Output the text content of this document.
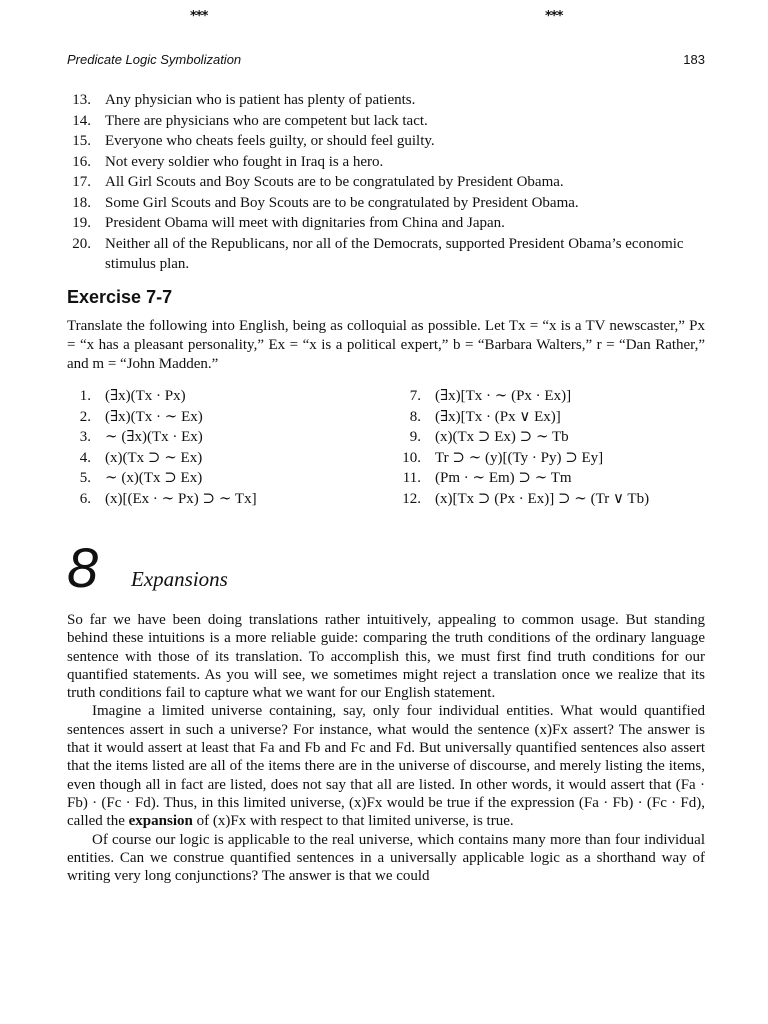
***	***
Predicate Logic Symbolization	183
13. Any physician who is patient has plenty of patients.
14. There are physicians who are competent but lack tact.
15. Everyone who cheats feels guilty, or should feel guilty.
16. Not every soldier who fought in Iraq is a hero.
17. All Girl Scouts and Boy Scouts are to be congratulated by President Obama.
18. Some Girl Scouts and Boy Scouts are to be congratulated by President Obama.
19. President Obama will meet with dignitaries from China and Japan.
20. Neither all of the Republicans, nor all of the Democrats, supported President Obama’s economic stimulus plan.
Exercise 7-7

Translate the following into English, being as colloquial as possible. Let Tx = “x is a TV newscaster,” Px = “x has a pleasant personality,” Ex = “x is a political expert,” b = “Barbara Walters,” r = “Dan Rather,” and m = “John Madden.”

1. (∃x)(Tx · Px)
2. (∃x)(Tx · ∼ Ex)
3. ∼ (∃x)(Tx · Ex)
4. (x)(Tx ⊃ ∼ Ex)
5. ∼ (x)(Tx ⊃ Ex)
6. (x)[(Ex · ∼ Px) ⊃ ∼ Tx]
7. (∃x)[Tx · ∼ (Px · Ex)]
8. (∃x)[Tx · (Px ∨ Ex)]
9. (x)(Tx ⊃ Ex) ⊃ ∼ Tb
10. Tr ⊃ ∼ (y)[(Ty · Py) ⊃ Ey]
11. (Pm · ∼ Em) ⊃ ∼ Tm
12. (x)[Tx ⊃ (Px · Ex)] ⊃ ∼ (Tr ∨ Tb)
8 Expansions

So far we have been doing translations rather intuitively, appealing to common usage. But standing behind these intuitions is a more reliable guide: comparing the truth conditions of the ordinary language sentence with those of its translation. To accomplish this, we must first find truth conditions for our quantified statements. As you will see, we sometimes might reject a translation once we realize that its truth conditions fail to capture what we want for our English statement.

Imagine a limited universe containing, say, only four individual entities. What would quantified sentences assert in such a universe? For instance, what would the sentence (x)Fx assert? The answer is that it would assert at least that Fa and Fb and Fc and Fd. But universally quantified sentences also assert that the items listed are all of the items there are in the universe of discourse, and merely listing the items, even though all in fact are listed, does not say that all are listed. In other words, it would assert that (Fa · Fb) · (Fc · Fd). Thus, in this limited universe, (x)Fx would be true if the expression (Fa · Fb) · (Fc · Fd), called the expansion of (x)Fx with respect to that limited universe, is true.

Of course our logic is applicable to the real universe, which contains many more than four individual entities. Can we construe quantified sentences in a universally applicable logic as a shorthand way of writing very long conjunctions? The answer is that we could
